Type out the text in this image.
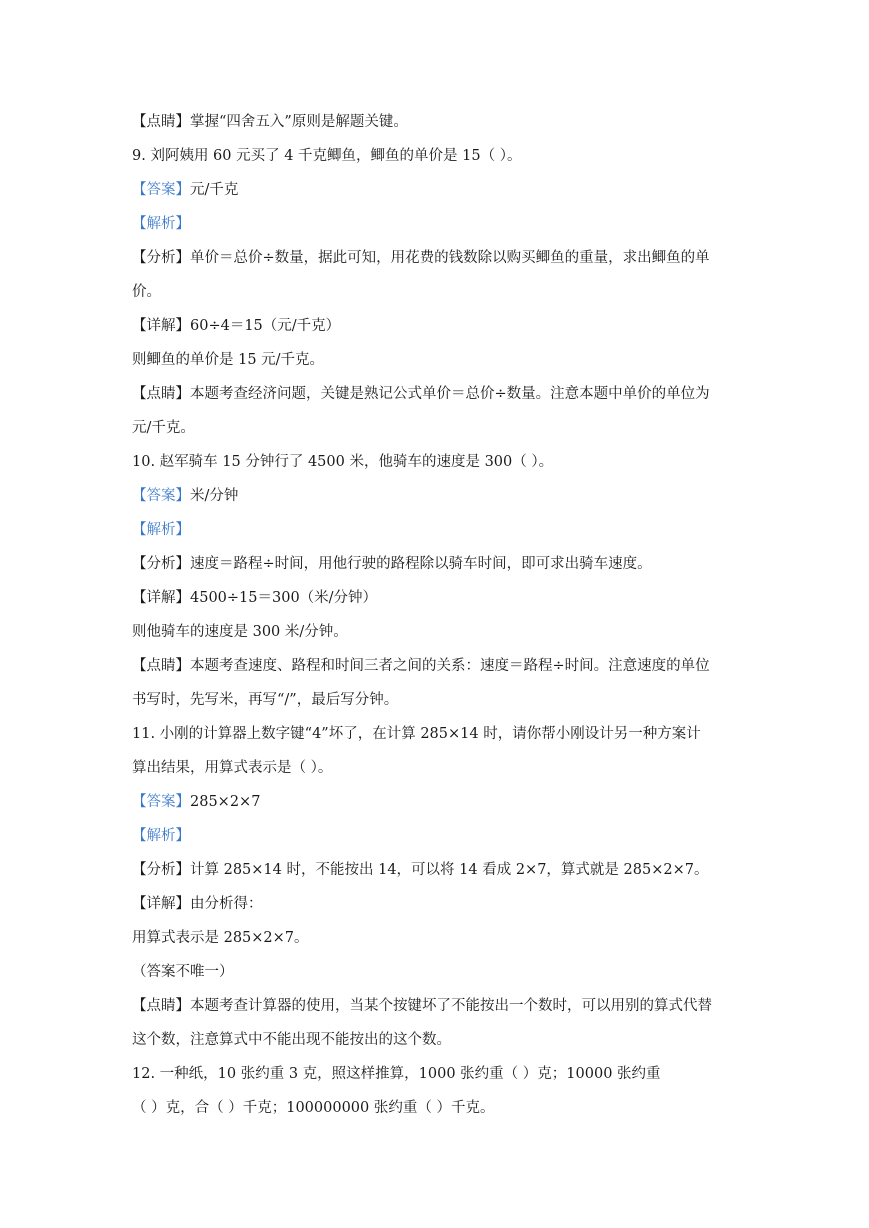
【点睛】掌握“四舍五入”原则是解题关键。
9. 刘阿姨用 60 元买了 4 千克鲫鱼，鲫鱼的单价是 15（ ）。
【答案】元/千克
【解析】
【分析】单价＝总价÷数量，据此可知，用花费的钱数除以购买鲫鱼的重量，求出鲫鱼的单
价。
【详解】60÷4＝15（元/千克）
则鲫鱼的单价是 15 元/千克。
【点睛】本题考查经济问题，关键是熟记公式单价＝总价÷数量。注意本题中单价的单位为
元/千克。
10. 赵军骑车 15 分钟行了 4500 米，他骑车的速度是 300（ ）。
【答案】米/分钟
【解析】
【分析】速度＝路程÷时间，用他行驶的路程除以骑车时间，即可求出骑车速度。
【详解】4500÷15＝300（米/分钟）
则他骑车的速度是 300 米/分钟。
【点睛】本题考查速度、路程和时间三者之间的关系：速度＝路程÷时间。注意速度的单位
书写时，先写米，再写“/”，最后写分钟。
11. 小刚的计算器上数字键“4”坏了，在计算 285×14 时，请你帮小刚设计另一种方案计
算出结果，用算式表示是（ ）。
【答案】285×2×7
【解析】
【分析】计算 285×14 时，不能按出 14，可以将 14 看成 2×7，算式就是 285×2×7。
【详解】由分析得：
用算式表示是 285×2×7。
（答案不唯一）
【点睛】本题考查计算器的使用，当某个按键坏了不能按出一个数时，可以用别的算式代替
这个数，注意算式中不能出现不能按出的这个数。
12. 一种纸，10 张约重 3 克，照这样推算，1000 张约重（ ）克；10000 张约重
（ ）克，合（ ）千克；100000000 张约重（ ）千克。
